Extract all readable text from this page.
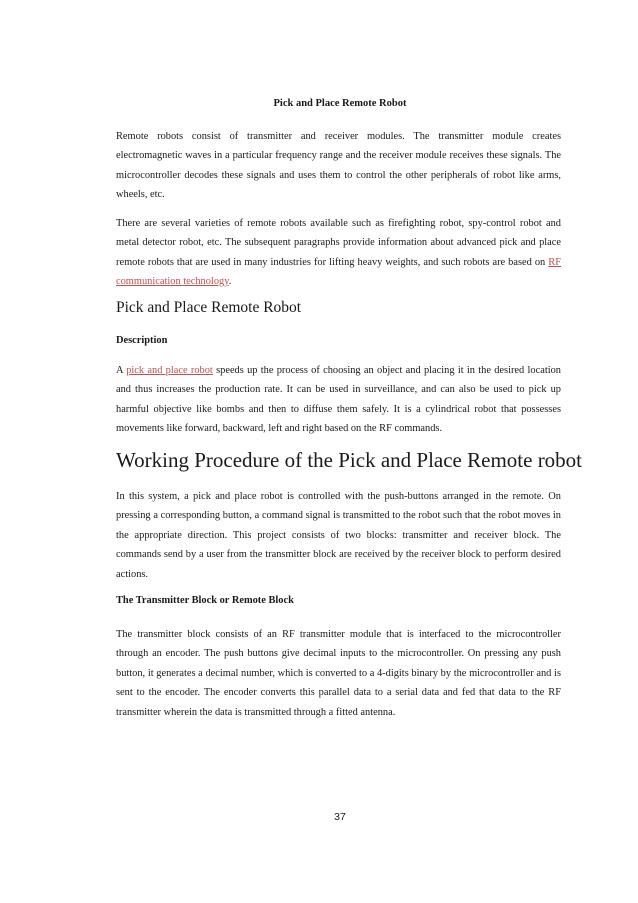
Pick and Place Remote Robot

Remote robots consist of transmitter and receiver modules. The transmitter module creates electromagnetic waves in a particular frequency range and the receiver module receives these signals. The microcontroller decodes these signals and uses them to control the other peripherals of robot like arms, wheels, etc.

There are several varieties of remote robots available such as firefighting robot, spy-control robot and metal detector robot, etc. The subsequent paragraphs provide information about advanced pick and place remote robots that are used in many industries for lifting heavy weights, and such robots are based on RF communication technology.

Pick and Place Remote Robot
Description

A pick and place robot speeds up the process of choosing an object and placing it in the desired location and thus increases the production rate. It can be used in surveillance, and can also be used to pick up harmful objective like bombs and then to diffuse them safely. It is a cylindrical robot that possesses movements like forward, backward, left and right based on the RF commands.

Working Procedure of the Pick and Place Remote robot

In this system, a pick and place robot is controlled with the push-buttons arranged in the remote. On pressing a corresponding button, a command signal is transmitted to the robot such that the robot moves in the appropriate direction. This project consists of two blocks: transmitter and receiver block. The commands send by a user from the transmitter block are received by the receiver block to perform desired actions.

The Transmitter Block or Remote Block

The transmitter block consists of an RF transmitter module that is interfaced to the microcontroller through an encoder. The push buttons give decimal inputs to the microcontroller. On pressing any push button, it generates a decimal number, which is converted to a 4-digits binary by the microcontroller and is sent to the encoder. The encoder converts this parallel data to a serial data and fed that data to the RF transmitter wherein the data is transmitted through a fitted antenna.

37
